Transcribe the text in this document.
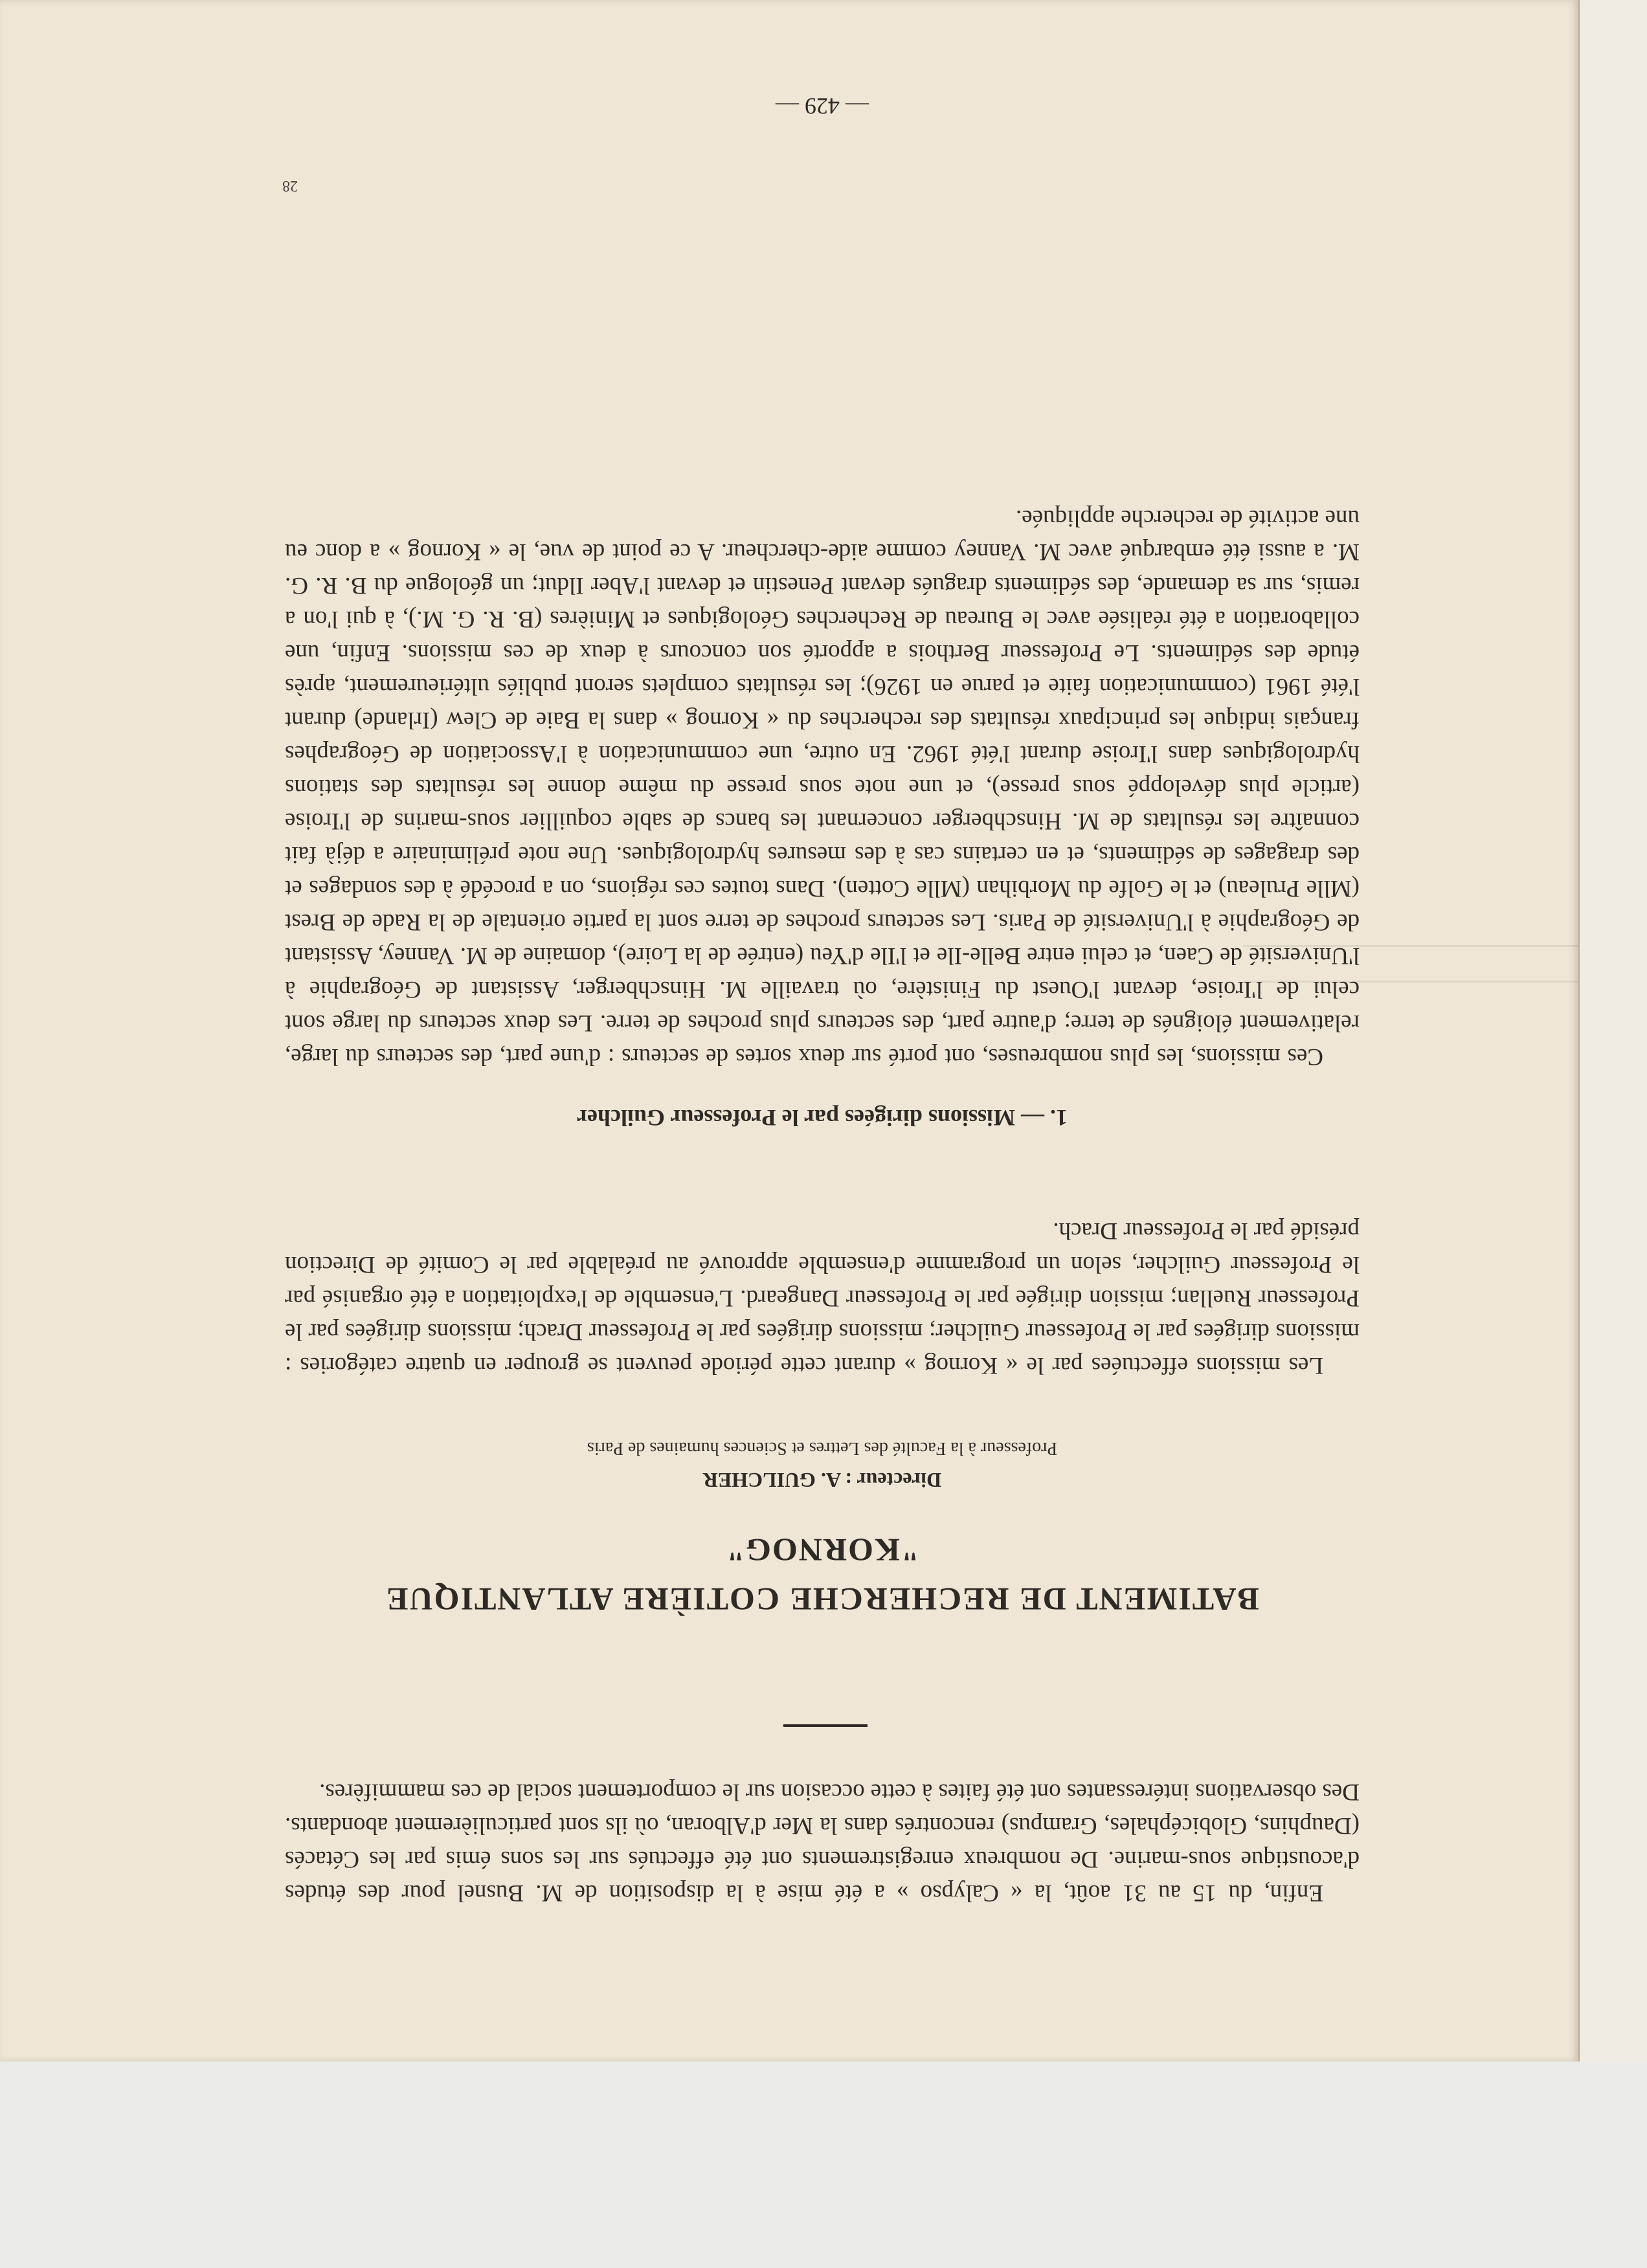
Enfin, du 15 au 31 août, la « Calypso » a été mise à la disposition de M. Busnel pour des études d'acoustique sous-marine. De nombreux enregistrements ont été effectués sur les sons émis par les Cétacés (Dauphins, Globicéphales, Grampus) rencontrés dans la Mer d'Alboran, où ils sont particulièrement abondants. Des observations intéressantes ont été faites à cette occasion sur le comportement social de ces mammifères.

BATIMENT DE RECHERCHE COTIÈRE ATLANTIQUE
"KORNOG"
Directeur : A. GUILCHER
Professeur à la Faculté des Lettres et Sciences humaines de Paris

Les missions effectuées par le « Kornog » durant cette période peuvent se grouper en quatre catégories : missions dirigées par le Professeur Guilcher; missions dirigées par le Professeur Drach; missions dirigées par le Professeur Ruellan; mission dirigée par le Professeur Dangeard. L'ensemble de l'exploitation a été organisé par le Professeur Guilcher, selon un programme d'ensemble approuvé au préalable par le Comité de Direction présidé par le Professeur Drach.

1. — Missions dirigées par le Professeur Guilcher

Ces missions, les plus nombreuses, ont porté sur deux sortes de secteurs : d'une part, des secteurs du large, relativement éloignés de terre; d'autre part, des secteurs plus proches de terre. Les deux secteurs du large sont celui de l'Iroise, devant l'Ouest du Finistère, où travaille M. Hinschberger, Assistant de Géographie à l'Université de Caen, et celui entre Belle-Ile et l'Ile d'Yeu (entrée de la Loire), domaine de M. Vanney, Assistant de Géographie à l'Université de Paris. Les secteurs proches de terre sont la partie orientale de la Rade de Brest (Mlle Pruleau) et le Golfe du Morbihan (Mlle Cotten). Dans toutes ces régions, on a procédé à des sondages et des dragages de sédiments, et en certains cas à des mesures hydrologiques. Une note préliminaire a déjà fait connaître les résultats de M. Hinschberger concernant les bancs de sable coquillier sous-marins de l'Iroise (article plus développé sous presse), et une note sous presse du même donne les résultats des stations hydrologiques dans l'Iroise durant l'été 1962. En outre, une communication à l'Association de Géographes français indique les principaux résultats des recherches du « Kornog » dans la Baie de Clew (Irlande) durant l'été 1961 (communication faite et parue en 1926); les résultats complets seront publiés ultérieurement, après étude des sédiments. Le Professeur Berthois a apporté son concours à deux de ces missions. Enfin, une collaboration a été réalisée avec le Bureau de Recherches Géologiques et Minières (B. R. G. M.), à qui l'on a remis, sur sa demande, des sédiments dragués devant Penestin et devant l'Aber Ildut; un géologue du B. R. G. M. a aussi été embarqué avec M. Vanney comme aide-chercheur. A ce point de vue, le « Kornog » a donc eu une activité de recherche appliquée.

— 429 —
28
